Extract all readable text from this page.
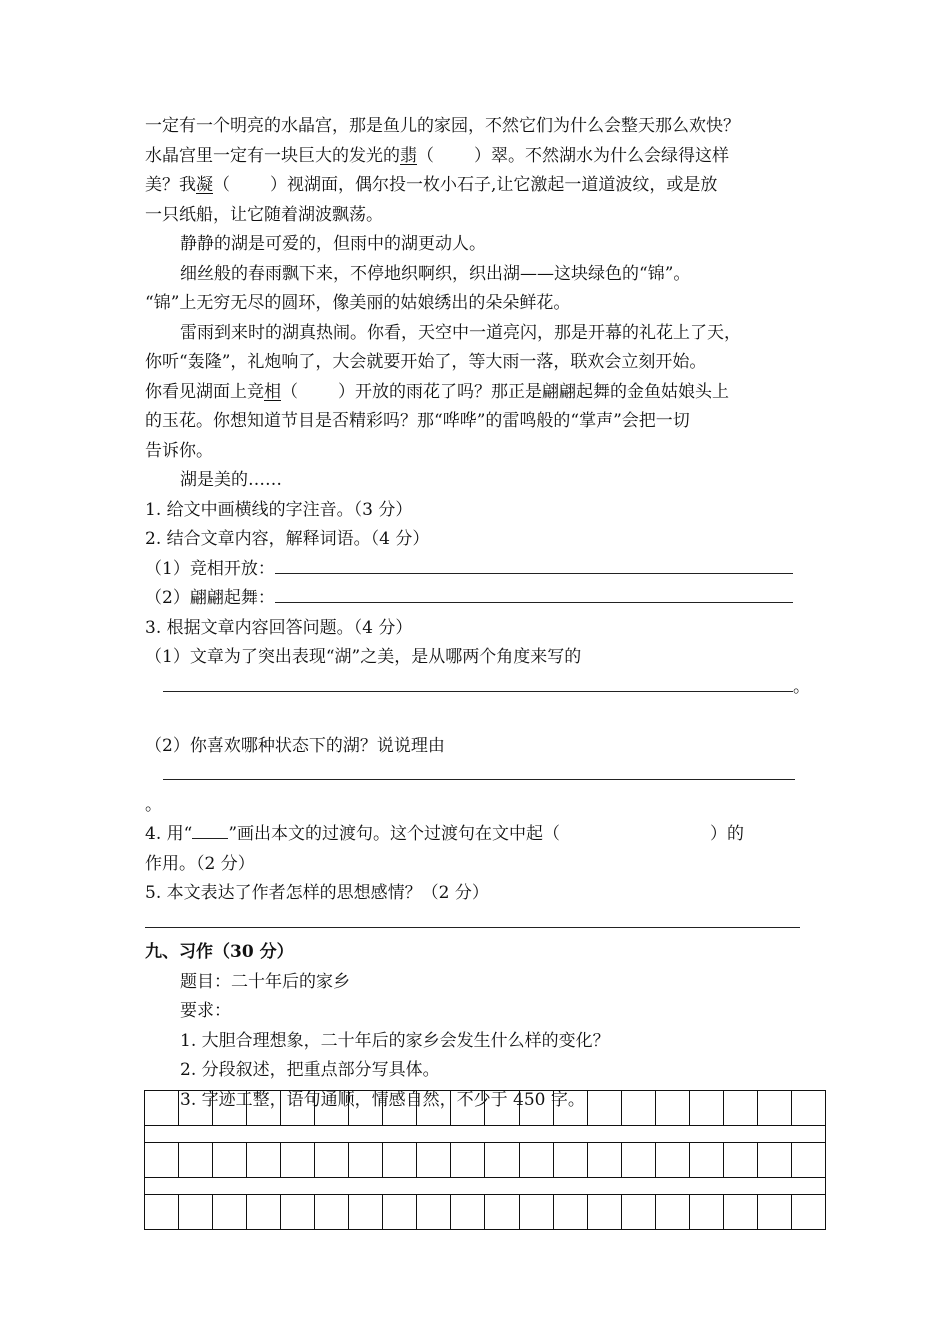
一定有一个明亮的水晶宫，那是鱼儿的家园，不然它们为什么会整天那么欢快？
水晶宫里一定有一块巨大的发光的翡（ ）翠。不然湖水为什么会绿得这样
美？我凝（ ）视湖面，偶尔投一枚小石子,让它激起一道道波纹，或是放
一只纸船，让它随着湖波飘荡。
静静的湖是可爱的，但雨中的湖更动人。
细丝般的春雨飘下来，不停地织啊织，织出湖——这块绿色的“锦”。
“锦”上无穷无尽的圆环，像美丽的姑娘绣出的朵朵鲜花。
雷雨到来时的湖真热闹。你看，天空中一道亮闪，那是开幕的礼花上了天，
你听“轰隆”，礼炮响了，大会就要开始了，等大雨一落，联欢会立刻开始。
你看见湖面上竞相（ ）开放的雨花了吗？那正是翩翩起舞的金鱼姑娘头上
的玉花。你想知道节目是否精彩吗？那“哗哗”的雷鸣般的“掌声”会把一切
告诉你。
湖是美的……
1. 给文中画横线的字注音。（3 分）
2. 结合文章内容，解释词语。（4 分）
（1）竞相开放：
（2）翩翩起舞：
3. 根据文章内容回答问题。（4 分）
（1）文章为了突出表现“湖”之美，是从哪两个角度来写的
。
（2）你喜欢哪种状态下的湖？说说理由
。
4. 用“ ”画出本文的过渡句。这个过渡句在文中起（	）的
作用。（2 分）
5. 本文表达了作者怎样的思想感情？（2 分）
九、习作（30 分）
题目：二十年后的家乡
要求：
1. 大胆合理想象，二十年后的家乡会发生什么样的变化？
2. 分段叙述，把重点部分写具体。
3. 字迹工整，语句通顺，情感自然，不少于 450 字。
